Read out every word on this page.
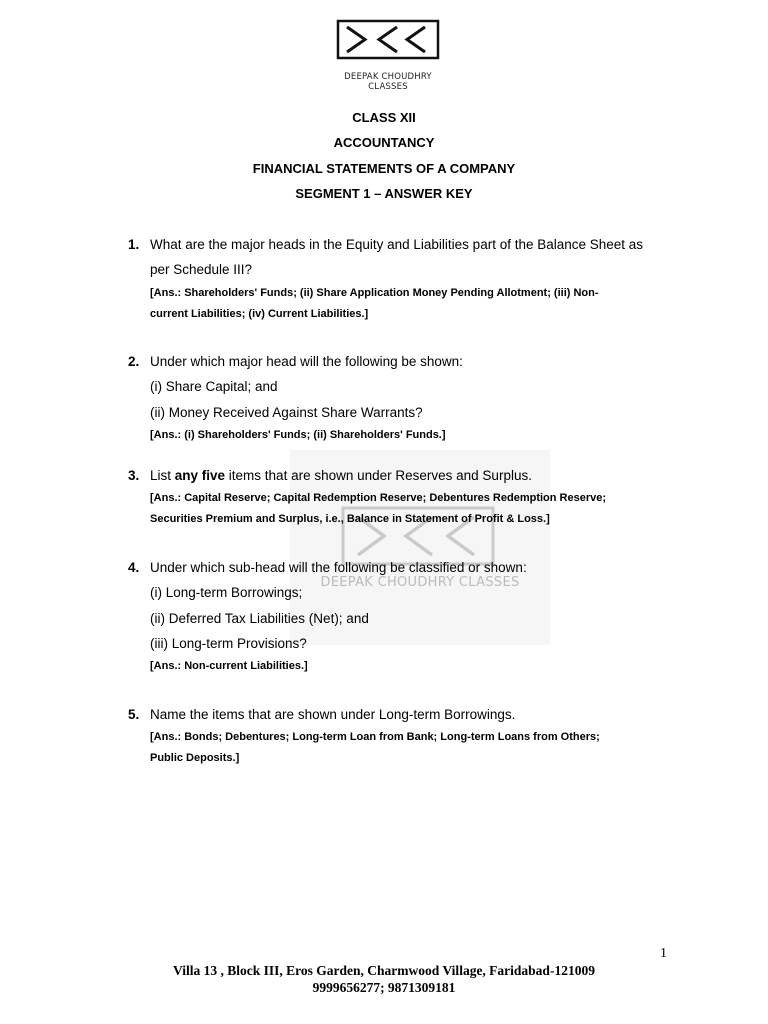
DEEPAK CHOUDHRY CLASSES
CLASS XII
ACCOUNTANCY
FINANCIAL STATEMENTS OF A COMPANY
SEGMENT 1 – ANSWER KEY
DEEPAK CHOUDHRY CLASSES
1. What are the major heads in the Equity and Liabilities part of the Balance Sheet as
per Schedule III?
[Ans.: Shareholders' Funds; (ii) Share Application Money Pending Allotment; (iii) Non-
current Liabilities; (iv) Current Liabilities.]
2. Under which major head will the following be shown:
(i) Share Capital; and
(ii) Money Received Against Share Warrants?
[Ans.: (i) Shareholders' Funds; (ii) Shareholders' Funds.]
3. List any five items that are shown under Reserves and Surplus.
[Ans.: Capital Reserve; Capital Redemption Reserve; Debentures Redemption Reserve;
Securities Premium and Surplus, i.e., Balance in Statement of Profit & Loss.]
4. Under which sub-head will the following be classified or shown:
(i) Long-term Borrowings;
(ii) Deferred Tax Liabilities (Net); and
(iii) Long-term Provisions?
[Ans.: Non-current Liabilities.]
5. Name the items that are shown under Long-term Borrowings.
[Ans.: Bonds; Debentures; Long-term Loan from Bank; Long-term Loans from Others;
Public Deposits.]
1
Villa 13 , Block III, Eros Garden, Charmwood Village, Faridabad-121009
9999656277; 9871309181
